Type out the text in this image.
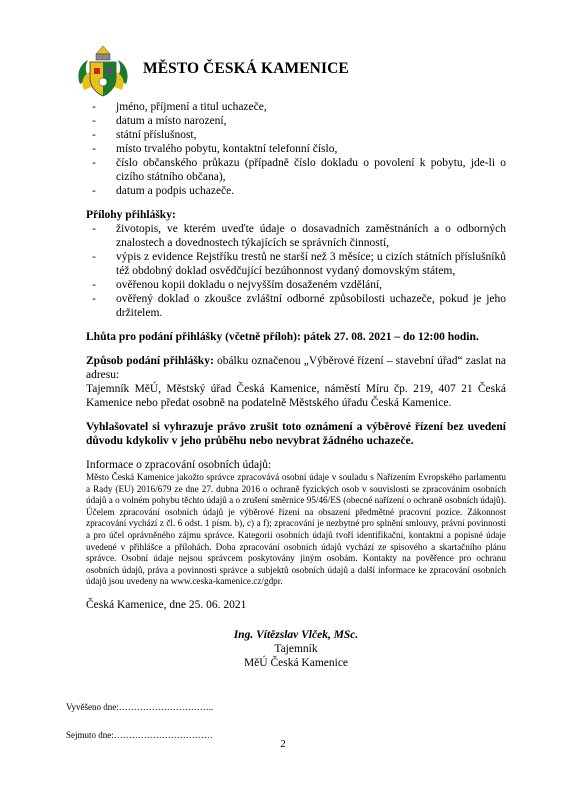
MĚSTO ČESKÁ KAMENICE
- jméno, příjmení a titul uchazeče,
- datum a místo narození,
- státní příslušnost,
- místo trvalého pobytu, kontaktní telefonní číslo,
- číslo občanského průkazu (případně číslo dokladu o povolení k pobytu, jde-li o cizího státního občana),
- datum a podpis uchazeče.
Přílohy přihlášky:
- životopis, ve kterém uveďte údaje o dosavadních zaměstnáních a o odborných znalostech a dovednostech týkajících se správních činností,
- výpis z evidence Rejstříku trestů ne starší než 3 měsíce; u cizích státních příslušníků též obdobný doklad osvědčující bezúhonnost vydaný domovským státem,
- ověřenou kopii dokladu o nejvyšším dosaženém vzdělání,
- ověřený doklad o zkoušce zvláštní odborné způsobilosti uchazeče, pokud je jeho držitelem.
Lhůta pro podání přihlášky (včetně příloh): pátek 27. 08. 2021 – do 12:00 hodin.
Způsob podání přihlášky: obálku označenou „Výběrové řízení – stavební úřad“ zaslat na adresu:
Tajemník MěÚ, Městský úřad Česká Kamenice, náměstí Míru čp. 219, 407 21 Česká Kamenice nebo předat osobně na podatelně Městského úřadu Česká Kamenice.
Vyhlašovatel si vyhrazuje právo zrušit toto oznámení a výběrové řízení bez uvedení důvodu kdykoliv v jeho průběhu nebo nevybrat žádného uchazeče.
Informace o zpracování osobních údajů:
Město Česká Kamenice jakožto správce zpracovává osobní údaje v souladu s Nařízením Evropského parlamentu a Rady (EU) 2016/679 ze dne 27. dubna 2016 o ochraně fyzických osob v souvislosti se zpracováním osobních údajů a o volném pohybu těchto údajů a o zrušení směrnice 95/46/ES (obecné nařízení o ochraně osobních údajů). Účelem zpracování osobních údajů je výběrové řízení na obsazení předmětné pracovní pozice. Zákonnost zpracování vychází z čl. 6 odst. 1 písm. b), c) a f); zpracování je nezbytné pro splnění smlouvy, právní povinnosti a pro účel oprávněného zájmu správce. Kategorii osobních údajů tvoří identifikační, kontaktní a popisné údaje uvedené v přihlášce a přílohách. Doba zpracování osobních údajů vychází ze spisového a skartačního plánu správce. Osobní údaje nejsou správcem poskytovány jiným osobám. Kontakty na pověřence pro ochranu osobních údajů, práva a povinnosti správce a subjektů osobních údajů a další informace ke zpracování osobních údajů jsou uvedeny na www.ceska-kamenice.cz/gdpr.
Česká Kamenice, dne 25. 06. 2021
Ing. Vítězslav Vlček, MSc.
Tajemník
MěÚ Česká Kamenice
Vyvěšeno dne:…………………………..
Sejmuto dne:……………………………
2
